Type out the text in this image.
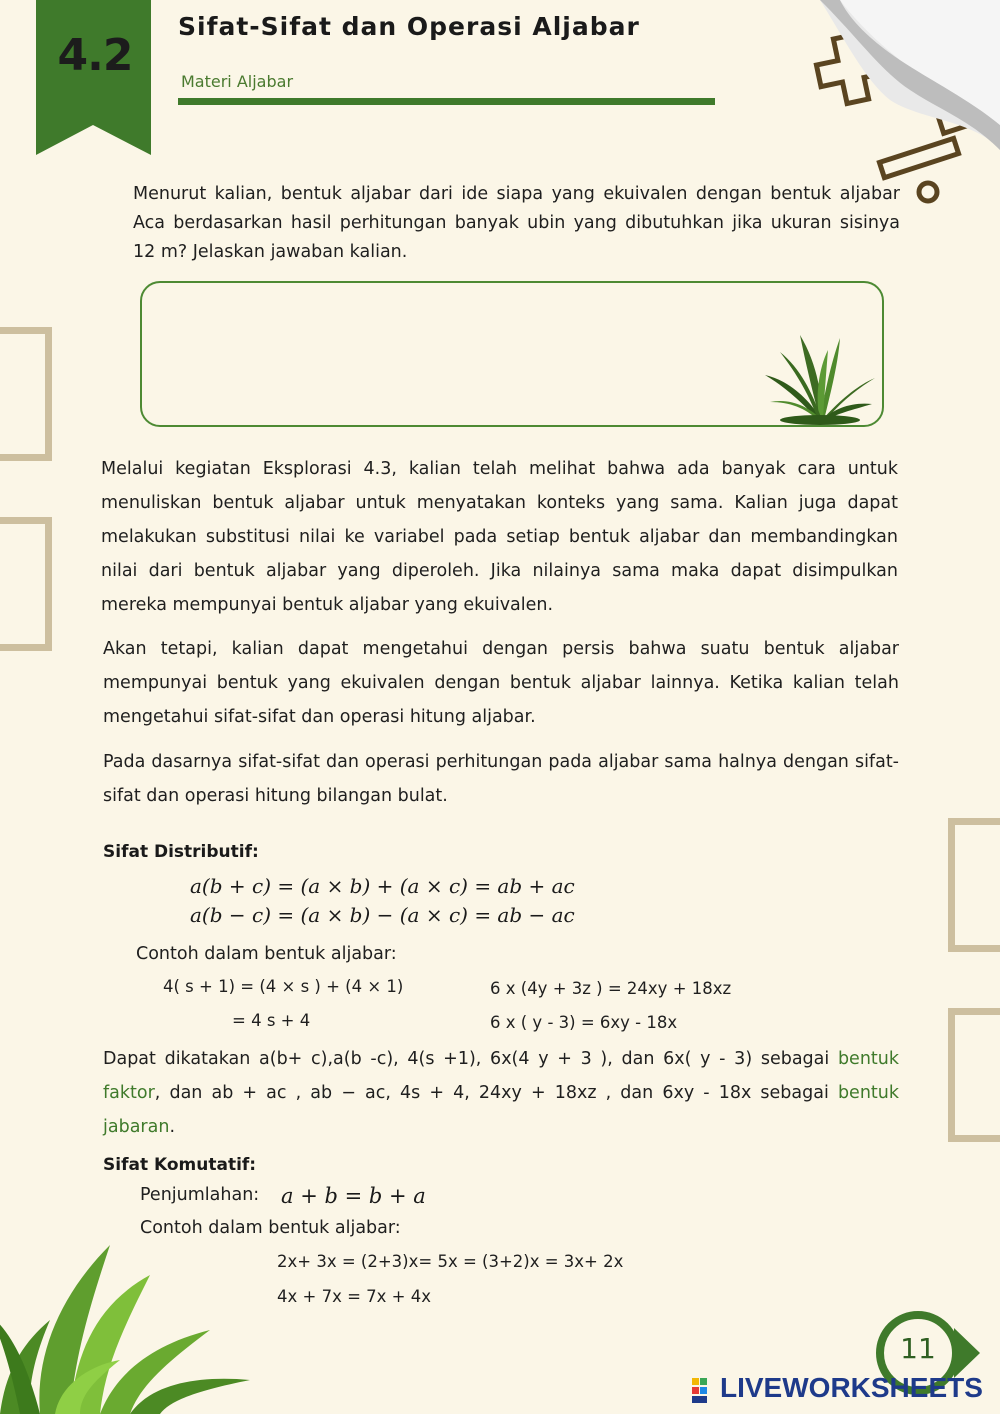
4.2
Sifat-Sifat dan Operasi Aljabar
Materi Aljabar
Menurut kalian, bentuk aljabar dari ide siapa yang ekuivalen dengan bentuk aljabar Aca berdasarkan hasil perhitungan banyak ubin yang dibutuhkan jika ukuran sisinya 12 m? Jelaskan jawaban kalian.
Melalui kegiatan Eksplorasi 4.3, kalian telah melihat bahwa ada banyak cara untuk menuliskan bentuk aljabar untuk menyatakan konteks yang sama. Kalian juga dapat melakukan substitusi nilai ke variabel pada setiap bentuk aljabar dan membandingkan nilai dari bentuk aljabar yang diperoleh. Jika nilainya sama maka dapat disimpulkan mereka mempunyai bentuk aljabar yang ekuivalen.
Akan tetapi, kalian dapat mengetahui dengan persis bahwa suatu bentuk aljabar mempunyai bentuk yang ekuivalen dengan bentuk aljabar lainnya. Ketika kalian telah mengetahui sifat-sifat dan operasi hitung aljabar.
Pada dasarnya sifat-sifat dan operasi perhitungan pada aljabar sama halnya dengan sifat-sifat dan operasi hitung bilangan bulat.
Sifat Distributif:
a(b + c) = (a × b) + (a × c) = ab + ac
a(b − c) = (a × b) − (a × c) = ab − ac
Contoh dalam bentuk aljabar:
4( s + 1) = (4 × s ) + (4 × 1)
= 4 s + 4
6 x (4y + 3z ) = 24xy + 18xz
6 x ( y - 3) = 6xy - 18x
Dapat dikatakan a(b+ c),a(b -c), 4(s +1), 6x(4 y + 3 ), dan 6x( y - 3) sebagai bentuk faktor, dan ab + ac , ab − ac, 4s + 4, 24xy + 18xz , dan 6xy - 18x sebagai bentuk jabaran.
Sifat Komutatif:
Penjumlahan: a + b = b + a
Contoh dalam bentuk aljabar:
2x+ 3x = (2+3)x= 5x = (3+2)x = 3x+ 2x
4x + 7x = 7x + 4x
11
LIVEWORKSHEETS
